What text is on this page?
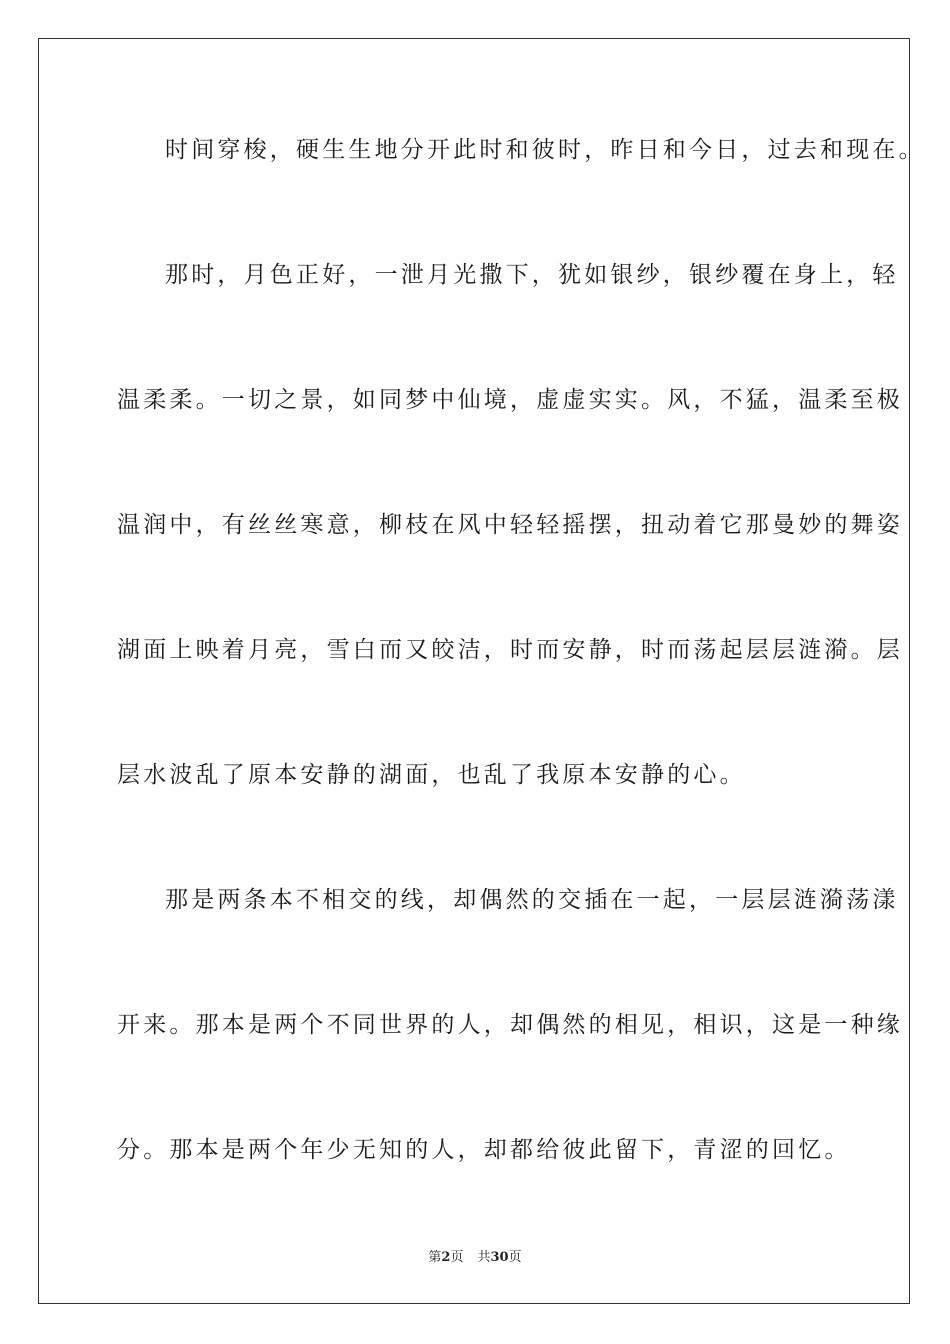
时间穿梭，硬生生地分开此时和彼时，昨日和今日，过去和现在。
那时，月色正好，一泄月光撒下，犹如银纱，银纱覆在身上，轻
温柔柔。一切之景，如同梦中仙境，虚虚实实。风，不猛，温柔至极
温润中，有丝丝寒意，柳枝在风中轻轻摇摆，扭动着它那曼妙的舞姿
湖面上映着月亮，雪白而又皎洁，时而安静，时而荡起层层涟漪。层
层水波乱了原本安静的湖面，也乱了我原本安静的心。
那是两条本不相交的线，却偶然的交插在一起，一层层涟漪荡漾
开来。那本是两个不同世界的人，却偶然的相见，相识，这是一种缘
分。那本是两个年少无知的人，却都给彼此留下，青涩的回忆。
第2页 共30页
